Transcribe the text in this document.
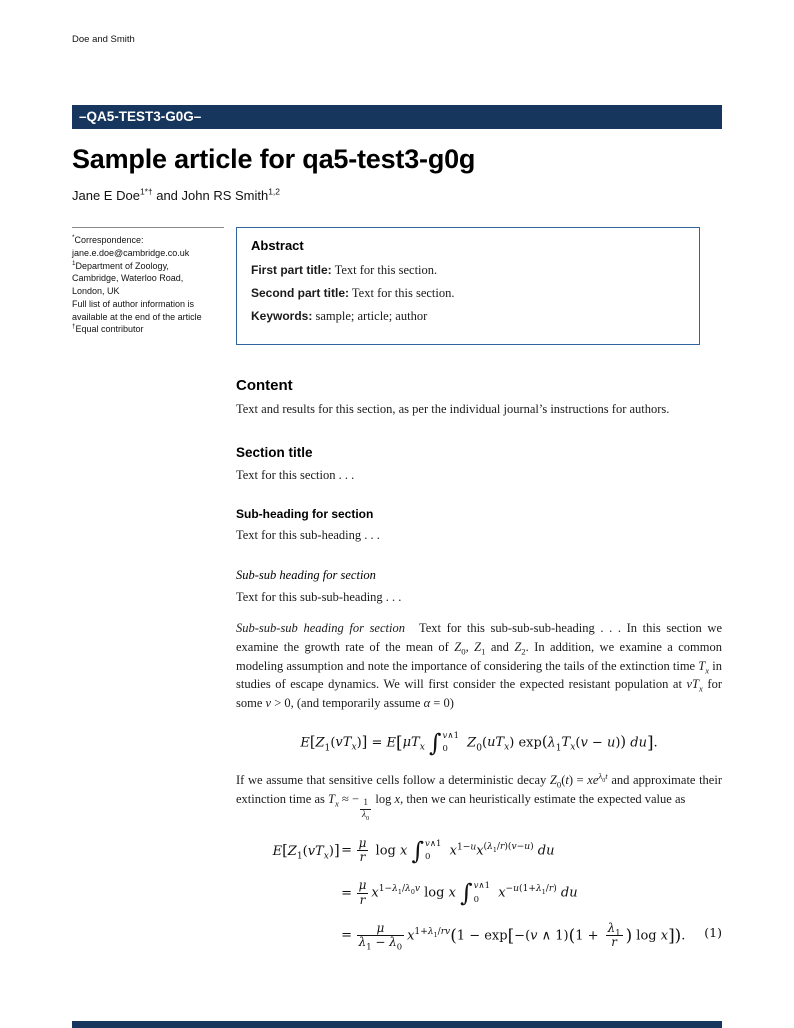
Doe and Smith
–QA5-TEST3-G0G–
Sample article for qa5-test3-g0g
Jane E Doe$^{1*\dagger}$ and John RS Smith$^{1,2}$
*Correspondence:
jane.e.doe@cambridge.co.uk
$^1$Department of Zoology,
Cambridge, Waterloo Road,
London, UK
Full list of author information is
available at the end of the article
†Equal contributor
Abstract

First part title: Text for this section.

Second part title: Text for this section.

Keywords: sample; article; author

Content

Text and results for this section, as per the individual journal’s instructions for authors.

Section title

Text for this section . . .

Sub-heading for section

Text for this sub-heading . . .

Sub-sub heading for section

Text for this sub-sub-heading . . .

Sub-sub-sub heading for section Text for this sub-sub-sub-heading . . . In this section we examine the growth rate of the mean of $Z_0$, $Z_1$ and $Z_2$. In addition, we examine a common modeling assumption and note the importance of considering the tails of the extinction time $T_x$ in studies of escape dynamics. We will first consider the expected resistant population at $vT_x$ for some v > 0, (and temporarily assume α = 0)

$E[Z_1(vT_x)] = E[\mu T_x$ ∫ v∧1
0	$Z_0(uT_x) \exp(\lambda_1T_x(v - u))$ du].

If we assume that sensitive cells follow a deterministic decay $Z_0(t) = xe^{\lambda_0t}$ and approximate their extinction time as $T_x$ ≈ − $\frac{1}{\lambda_0}$ log x, then we can heuristically estimate the expected value as

$E[Z_1(vT_x)] = \frac{\mu}{r}$ log x ∫ v∧1
0	$x^{1-u}x^{(\lambda_1/r)(v-u)}$ du
= $\frac{\mu}{r} x^{1-\lambda_1/\lambda_0v}$ log x ∫ v∧1
0	$x^{-u(1+\lambda_1/r)}$ du
= $\frac{\mu}{\lambda_1 - \lambda_0} x^{1+\lambda_1/rv}(1 - \exp[-(v$ ∧ $1)(1 + \frac{\lambda_1}{r}$ ) log x]). (1)
